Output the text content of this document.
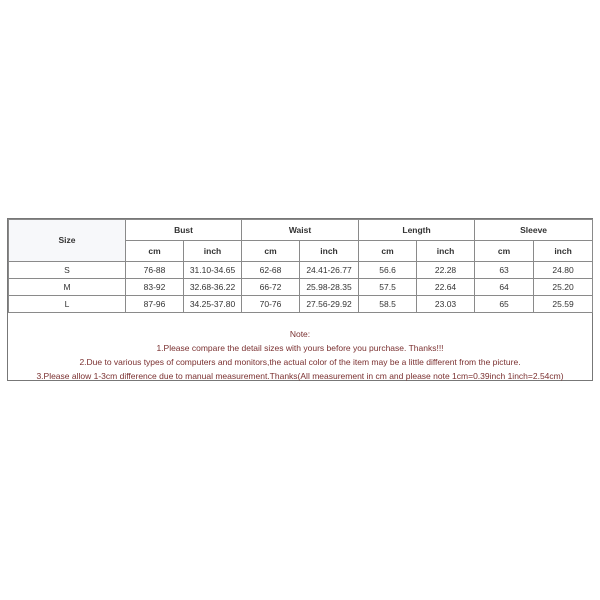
Size	Bust		Waist		Length		Sleeve	
	cm	inch	cm	inch	cm	inch	cm	inch
S	76-88	31.10-34.65	62-68	24.41-26.77	56.6	22.28	63	24.80
M	83-92	32.68-36.22	66-72	25.98-28.35	57.5	22.64	64	25.20
L	87-96	34.25-37.80	70-76	27.56-29.92	58.5	23.03	65	25.59
Note:
1.Please compare the detail sizes with yours before you purchase. Thanks!!!
2.Due to various types of computers and monitors,the actual color of the item may be a little different from the picture.
3.Please allow 1-3cm difference due to manual measurement.Thanks(All measurement in cm and please note 1cm=0.39inch 1inch=2.54cm)
